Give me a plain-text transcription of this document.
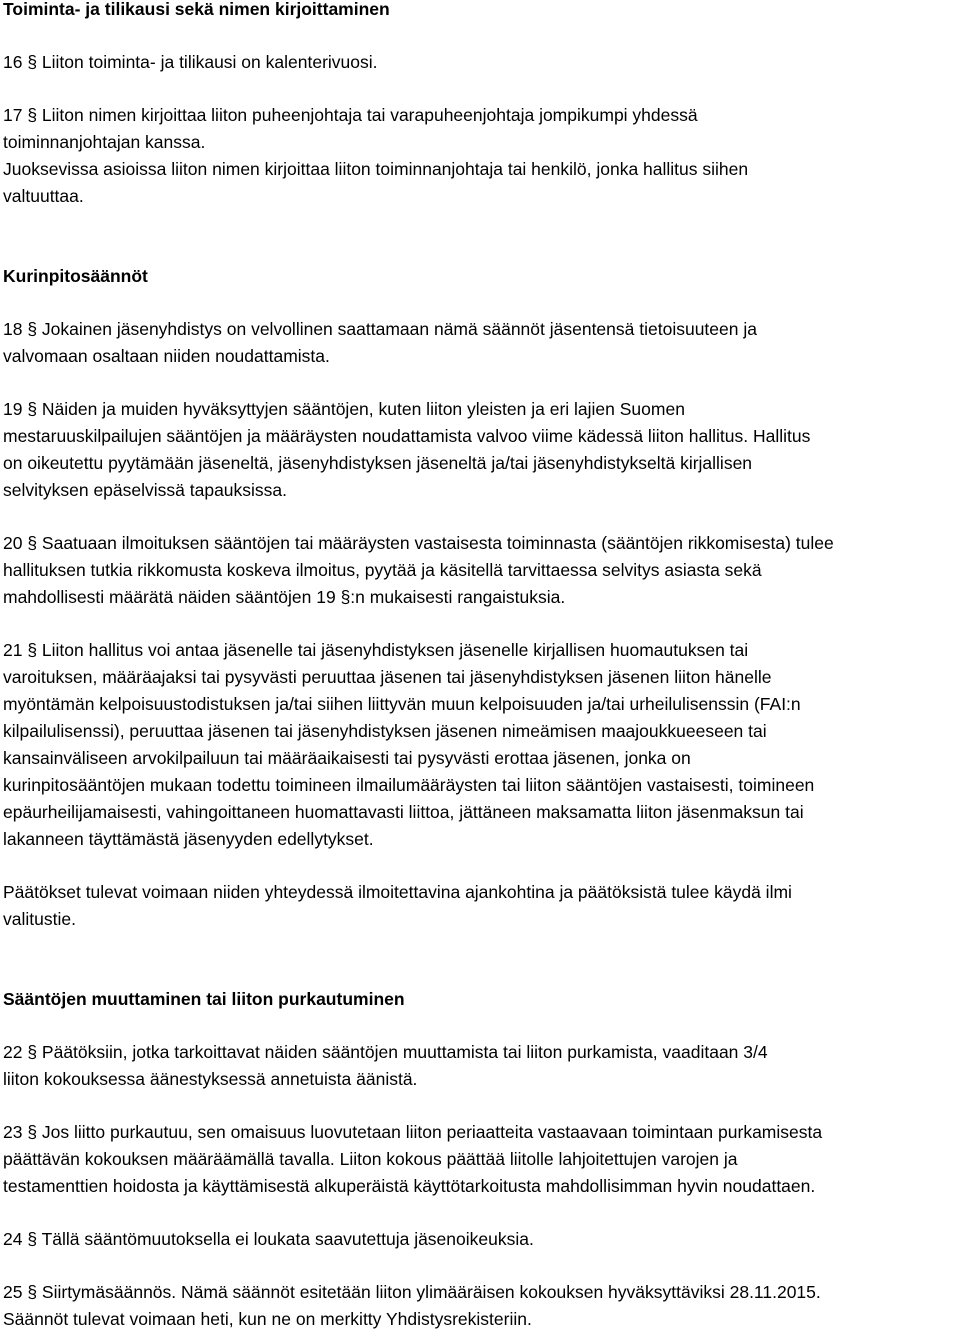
Toiminta- ja tilikausi sekä nimen kirjoittaminen

16 § Liiton toiminta- ja tilikausi on kalenterivuosi.

17 § Liiton nimen kirjoittaa liiton puheenjohtaja tai varapuheenjohtaja jompikumpi yhdessä
toiminnanjohtajan kanssa.
Juoksevissa asioissa liiton nimen kirjoittaa liiton toiminnanjohtaja tai henkilö, jonka hallitus siihen
valtuuttaa.

Kurinpitosäännöt

18 § Jokainen jäsenyhdistys on velvollinen saattamaan nämä säännöt jäsentensä tietoisuuteen ja
valvomaan osaltaan niiden noudattamista.

19 § Näiden ja muiden hyväksyttyjen sääntöjen, kuten liiton yleisten ja eri lajien Suomen
mestaruuskilpailujen sääntöjen ja määräysten noudattamista valvoo viime kädessä liiton hallitus. Hallitus
on oikeutettu pyytämään jäseneltä, jäsenyhdistyksen jäseneltä ja/tai jäsenyhdistykseltä kirjallisen
selvityksen epäselvissä tapauksissa.

20 § Saatuaan ilmoituksen sääntöjen tai määräysten vastaisesta toiminnasta (sääntöjen rikkomisesta) tulee
hallituksen tutkia rikkomusta koskeva ilmoitus, pyytää ja käsitellä tarvittaessa selvitys asiasta sekä
mahdollisesti määrätä näiden sääntöjen 19 §:n mukaisesti rangaistuksia.

21 § Liiton hallitus voi antaa jäsenelle tai jäsenyhdistyksen jäsenelle kirjallisen huomautuksen tai
varoituksen, määräajaksi tai pysyvästi peruuttaa jäsenen tai jäsenyhdistyksen jäsenen liiton hänelle
myöntämän kelpoisuustodistuksen ja/tai siihen liittyvän muun kelpoisuuden ja/tai urheilulisenssin (FAI:n
kilpailulisenssi), peruuttaa jäsenen tai jäsenyhdistyksen jäsenen nimeämisen maajoukkueeseen tai
kansainväliseen arvokilpailuun tai määräaikaisesti tai pysyvästi erottaa jäsenen, jonka on
kurinpitosääntöjen mukaan todettu toimineen ilmailumääräysten tai liiton sääntöjen vastaisesti, toimineen
epäurheilijamaisesti, vahingoittaneen huomattavasti liittoa, jättäneen maksamatta liiton jäsenmaksun tai
lakanneen täyttämästä jäsenyyden edellytykset.

Päätökset tulevat voimaan niiden yhteydessä ilmoitettavina ajankohtina ja päätöksistä tulee käydä ilmi
valitustie.

Sääntöjen muuttaminen tai liiton purkautuminen

22 § Päätöksiin, jotka tarkoittavat näiden sääntöjen muuttamista tai liiton purkamista, vaaditaan 3/4
liiton kokouksessa äänestyksessä annetuista äänistä.

23 § Jos liitto purkautuu, sen omaisuus luovutetaan liiton periaatteita vastaavaan toimintaan purkamisesta
päättävän kokouksen määräämällä tavalla. Liiton kokous päättää liitolle lahjoitettujen varojen ja
testamenttien hoidosta ja käyttämisestä alkuperäistä käyttötarkoitusta mahdollisimman hyvin noudattaen.

24 § Tällä sääntömuutoksella ei loukata saavutettuja jäsenoikeuksia.

25 § Siirtymäsäännös. Nämä säännöt esitetään liiton ylimääräisen kokouksen hyväksyttäviksi 28.11.2015.
Säännöt tulevat voimaan heti, kun ne on merkitty Yhdistysrekisteriin.
